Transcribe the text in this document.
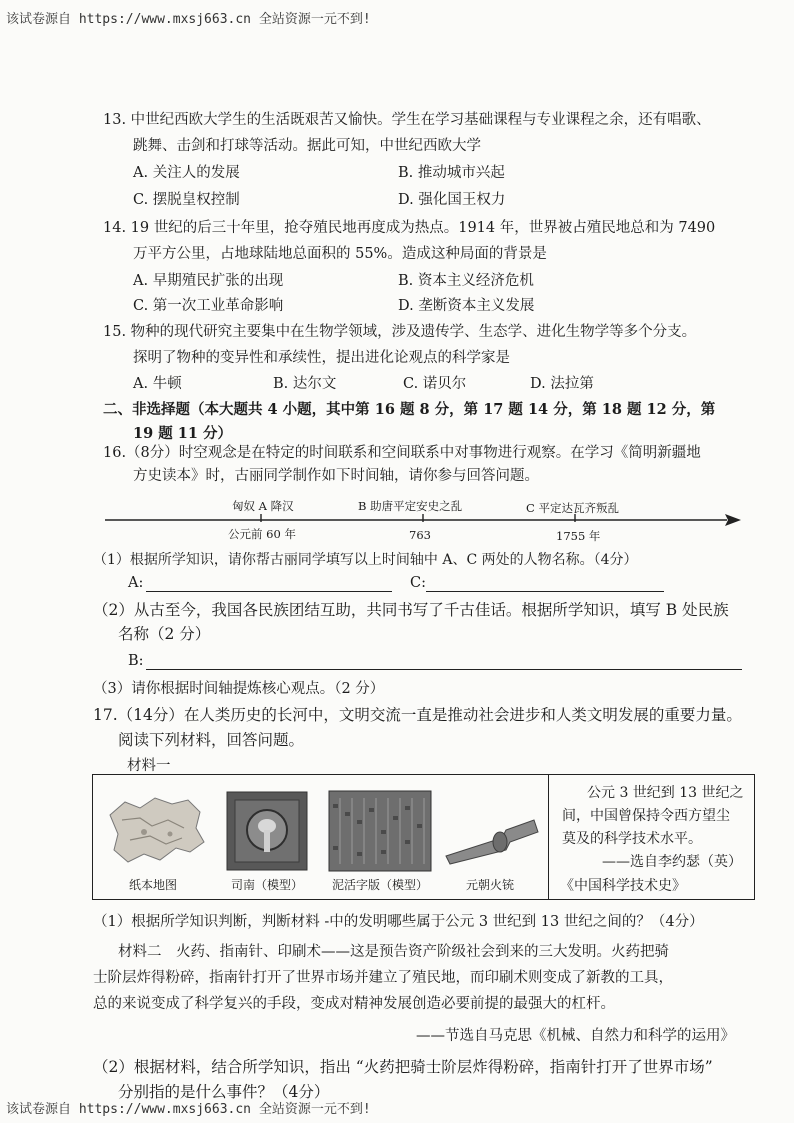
该试卷源自 https://www.mxsj663.cn 全站资源一元不到!
13. 中世纪西欧大学生的生活既艰苦又愉快。学生在学习基础课程与专业课程之余，还有唱歌、
跳舞、击剑和打球等活动。据此可知，中世纪西欧大学
A. 关注人的发展	B. 推动城市兴起
C. 摆脱皇权控制	D. 强化国王权力
14. 19 世纪的后三十年里，抢夺殖民地再度成为热点。1914 年，世界被占殖民地总和为 7490
万平方公里，占地球陆地总面积的 55%。造成这种局面的背景是
A. 早期殖民扩张的出现	B. 资本主义经济危机
C. 第一次工业革命影响	D. 垄断资本主义发展
15. 物种的现代研究主要集中在生物学领域，涉及遗传学、生态学、进化生物学等多个分支。
探明了物种的变异性和承续性，提出进化论观点的科学家是
A. 牛顿	B. 达尔文	C. 诺贝尔	D. 法拉第
二、非选择题（本大题共 4 小题，其中第 16 题 8 分，第 17 题 14 分，第 18 题 12 分，第
19 题 11 分）
16.（8分）时空观念是在特定的时间联系和空间联系中对事物进行观察。在学习《简明新疆地
方史读本》时，古丽同学制作如下时间轴，请你参与回答问题。
匈奴 A 降汉	B 助唐平定安史之乱	C 平定达瓦齐叛乱
公元前 60 年	763	1755 年
（1）根据所学知识，请你帮古丽同学填写以上时间轴中 A、C 两处的人物名称。（4分）
A:	C:
（2）从古至今，我国各民族团结互助，共同书写了千古佳话。根据所学知识，填写 B 处民族
名称（2 分）
B:
（3）请你根据时间轴提炼核心观点。（2 分）
17.（14分）在人类历史的长河中，文明交流一直是推动社会进步和人类文明发展的重要力量。
阅读下列材料，回答问题。
材料一
纸本地图	司南（模型）	泥活字版（模型）	元朝火铳
公元 3 世纪到 13 世纪之
间，中国曾保持令西方望尘
莫及的科学技术水平。
——选自李约瑟（英）
《中国科学技术史》
（1）根据所学知识判断，判断材料 -中的发明哪些属于公元 3 世纪到 13 世纪之间的？（4分）
材料二　火药、指南针、印刷术——这是预告资产阶级社会到来的三大发明。火药把骑
士阶层炸得粉碎，指南针打开了世界市场并建立了殖民地，而印刷术则变成了新教的工具，
总的来说变成了科学复兴的手段，变成对精神发展创造必要前提的最强大的杠杆。
——节选自马克思《机械、自然力和科学的运用》
（2）根据材料，结合所学知识，指出 “火药把骑士阶层炸得粉碎，指南针打开了世界市场”
分别指的是什么事件？（4分）
该试卷源自 https://www.mxsj663.cn 全站资源一元不到!
